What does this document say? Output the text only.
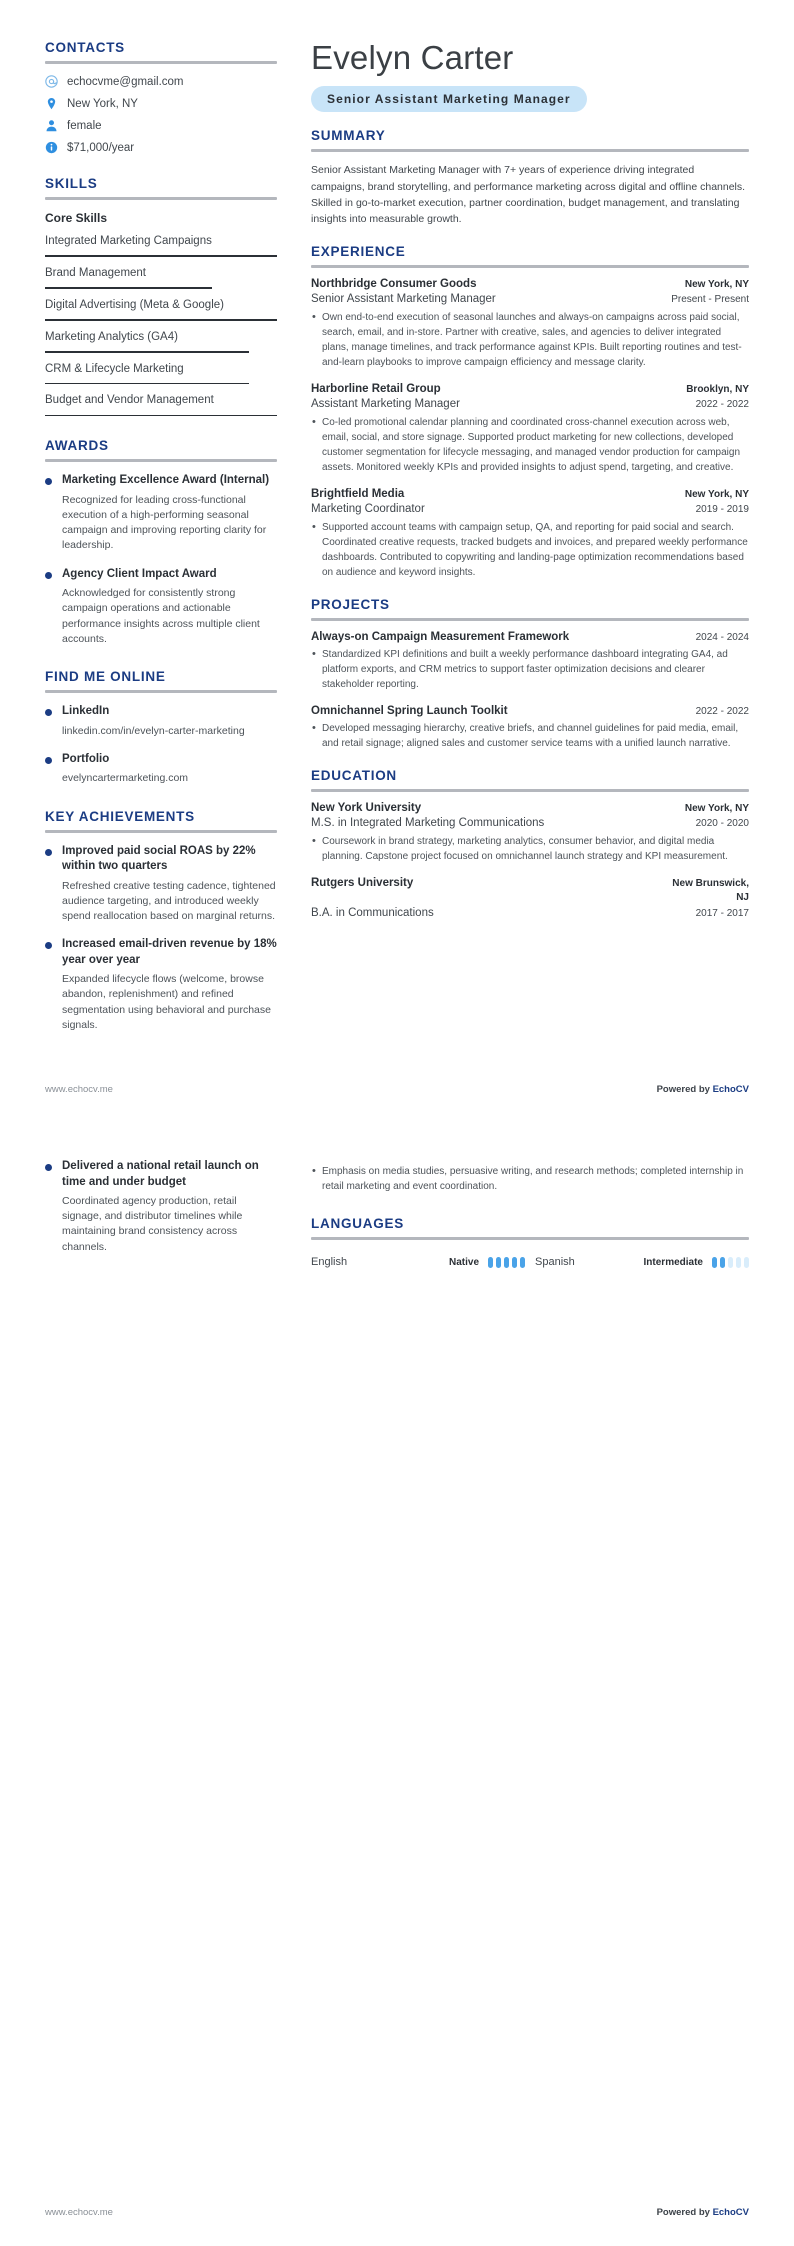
CONTACTS
echocvme@gmail.com
New York, NY
female
$71,000/year
SKILLS
Core Skills
Integrated Marketing Campaigns
Brand Management
Digital Advertising (Meta & Google)
Marketing Analytics (GA4)
CRM & Lifecycle Marketing
Budget and Vendor Management
AWARDS
Marketing Excellence Award (Internal)
Recognized for leading cross-functional execution of a high-performing seasonal campaign and improving reporting clarity for leadership.
Agency Client Impact Award
Acknowledged for consistently strong campaign operations and actionable performance insights across multiple client accounts.
FIND ME ONLINE
LinkedIn
linkedin.com/in/evelyn-carter-marketing
Portfolio
evelyncartermarketing.com
KEY ACHIEVEMENTS
Improved paid social ROAS by 22% within two quarters
Refreshed creative testing cadence, tightened audience targeting, and introduced weekly spend reallocation based on marginal returns.
Increased email-driven revenue by 18% year over year
Expanded lifecycle flows (welcome, browse abandon, replenishment) and refined segmentation using behavioral and purchase signals.
Evelyn Carter
Senior Assistant Marketing Manager
SUMMARY
Senior Assistant Marketing Manager with 7+ years of experience driving integrated campaigns, brand storytelling, and performance marketing across digital and offline channels. Skilled in go-to-market execution, partner coordination, budget management, and translating insights into measurable growth.
EXPERIENCE
Northbridge Consumer Goods	New York, NY
Senior Assistant Marketing Manager	Present - Present
• Own end-to-end execution of seasonal launches and always-on campaigns across paid social, search, email, and in-store. Partner with creative, sales, and agencies to deliver integrated plans, manage timelines, and track performance against KPIs. Built reporting routines and test-and-learn playbooks to improve campaign efficiency and message clarity.
Harborline Retail Group	Brooklyn, NY
Assistant Marketing Manager	2022 - 2022
• Co-led promotional calendar planning and coordinated cross-channel execution across web, email, social, and store signage. Supported product marketing for new collections, developed customer segmentation for lifecycle messaging, and managed vendor production for campaign assets. Monitored weekly KPIs and provided insights to adjust spend, targeting, and creative.
Brightfield Media	New York, NY
Marketing Coordinator	2019 - 2019
• Supported account teams with campaign setup, QA, and reporting for paid social and search. Coordinated creative requests, tracked budgets and invoices, and prepared weekly performance dashboards. Contributed to copywriting and landing-page optimization recommendations based on audience and keyword insights.
PROJECTS
Always-on Campaign Measurement Framework	2024 - 2024
• Standardized KPI definitions and built a weekly performance dashboard integrating GA4, ad platform exports, and CRM metrics to support faster optimization decisions and clearer stakeholder reporting.
Omnichannel Spring Launch Toolkit	2022 - 2022
• Developed messaging hierarchy, creative briefs, and channel guidelines for paid media, email, and retail signage; aligned sales and customer service teams with a unified launch narrative.
EDUCATION
New York University	New York, NY
M.S. in Integrated Marketing Communications	2020 - 2020
• Coursework in brand strategy, marketing analytics, consumer behavior, and digital media planning. Capstone project focused on omnichannel launch strategy and KPI measurement.
Rutgers University	New Brunswick, NJ
B.A. in Communications	2017 - 2017
www.echocv.me	Powered by EchoCV
Delivered a national retail launch on time and under budget
Coordinated agency production, retail signage, and distributor timelines while maintaining brand consistency across channels.
• Emphasis on media studies, persuasive writing, and research methods; completed internship in retail marketing and event coordination.
LANGUAGES
English	Native	Spanish	Intermediate
www.echocv.me	Powered by EchoCV
